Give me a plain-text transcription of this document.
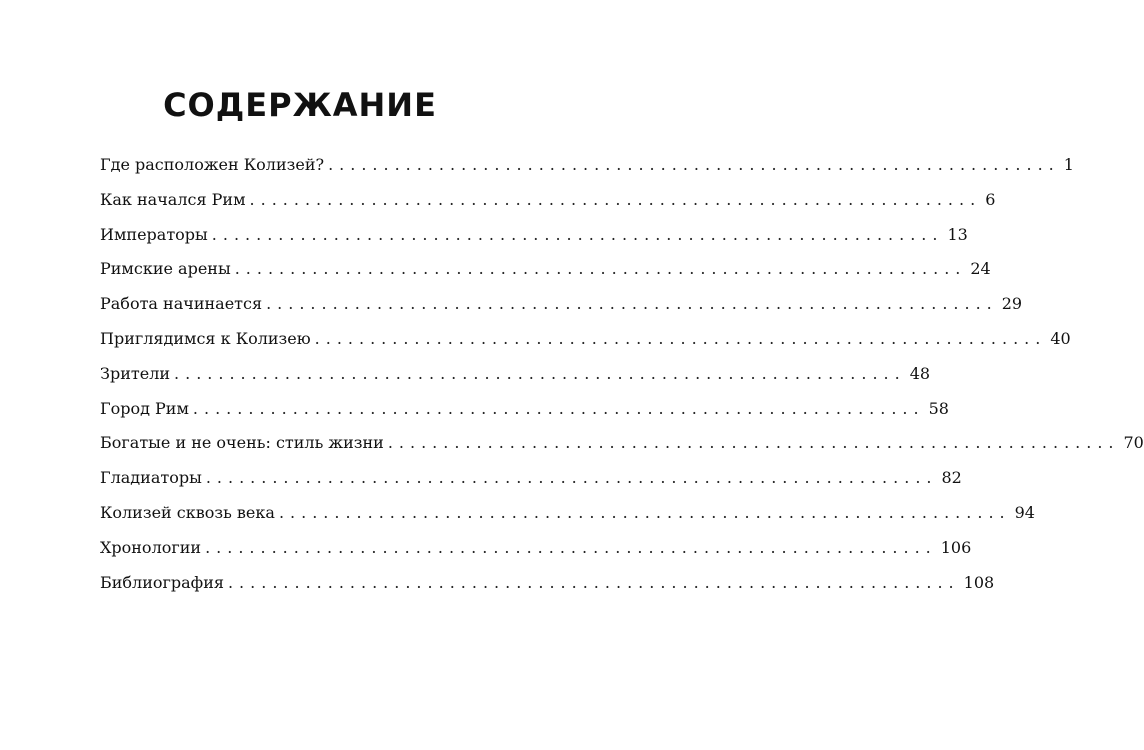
СОДЕРЖАНИЕ
Где расположен Колизей? .................................................................. 1
Как начался Рим .................................................................. 6
Императоры .................................................................. 13
Римские арены .................................................................. 24
Работа начинается .................................................................. 29
Приглядимся к Колизею .................................................................. 40
Зрители .................................................................. 48
Город Рим .................................................................. 58
Богатые и не очень: стиль жизни .................................................................. 70
Гладиаторы .................................................................. 82
Колизей сквозь века .................................................................. 94
Хронологии .................................................................. 106
Библиография .................................................................. 108
